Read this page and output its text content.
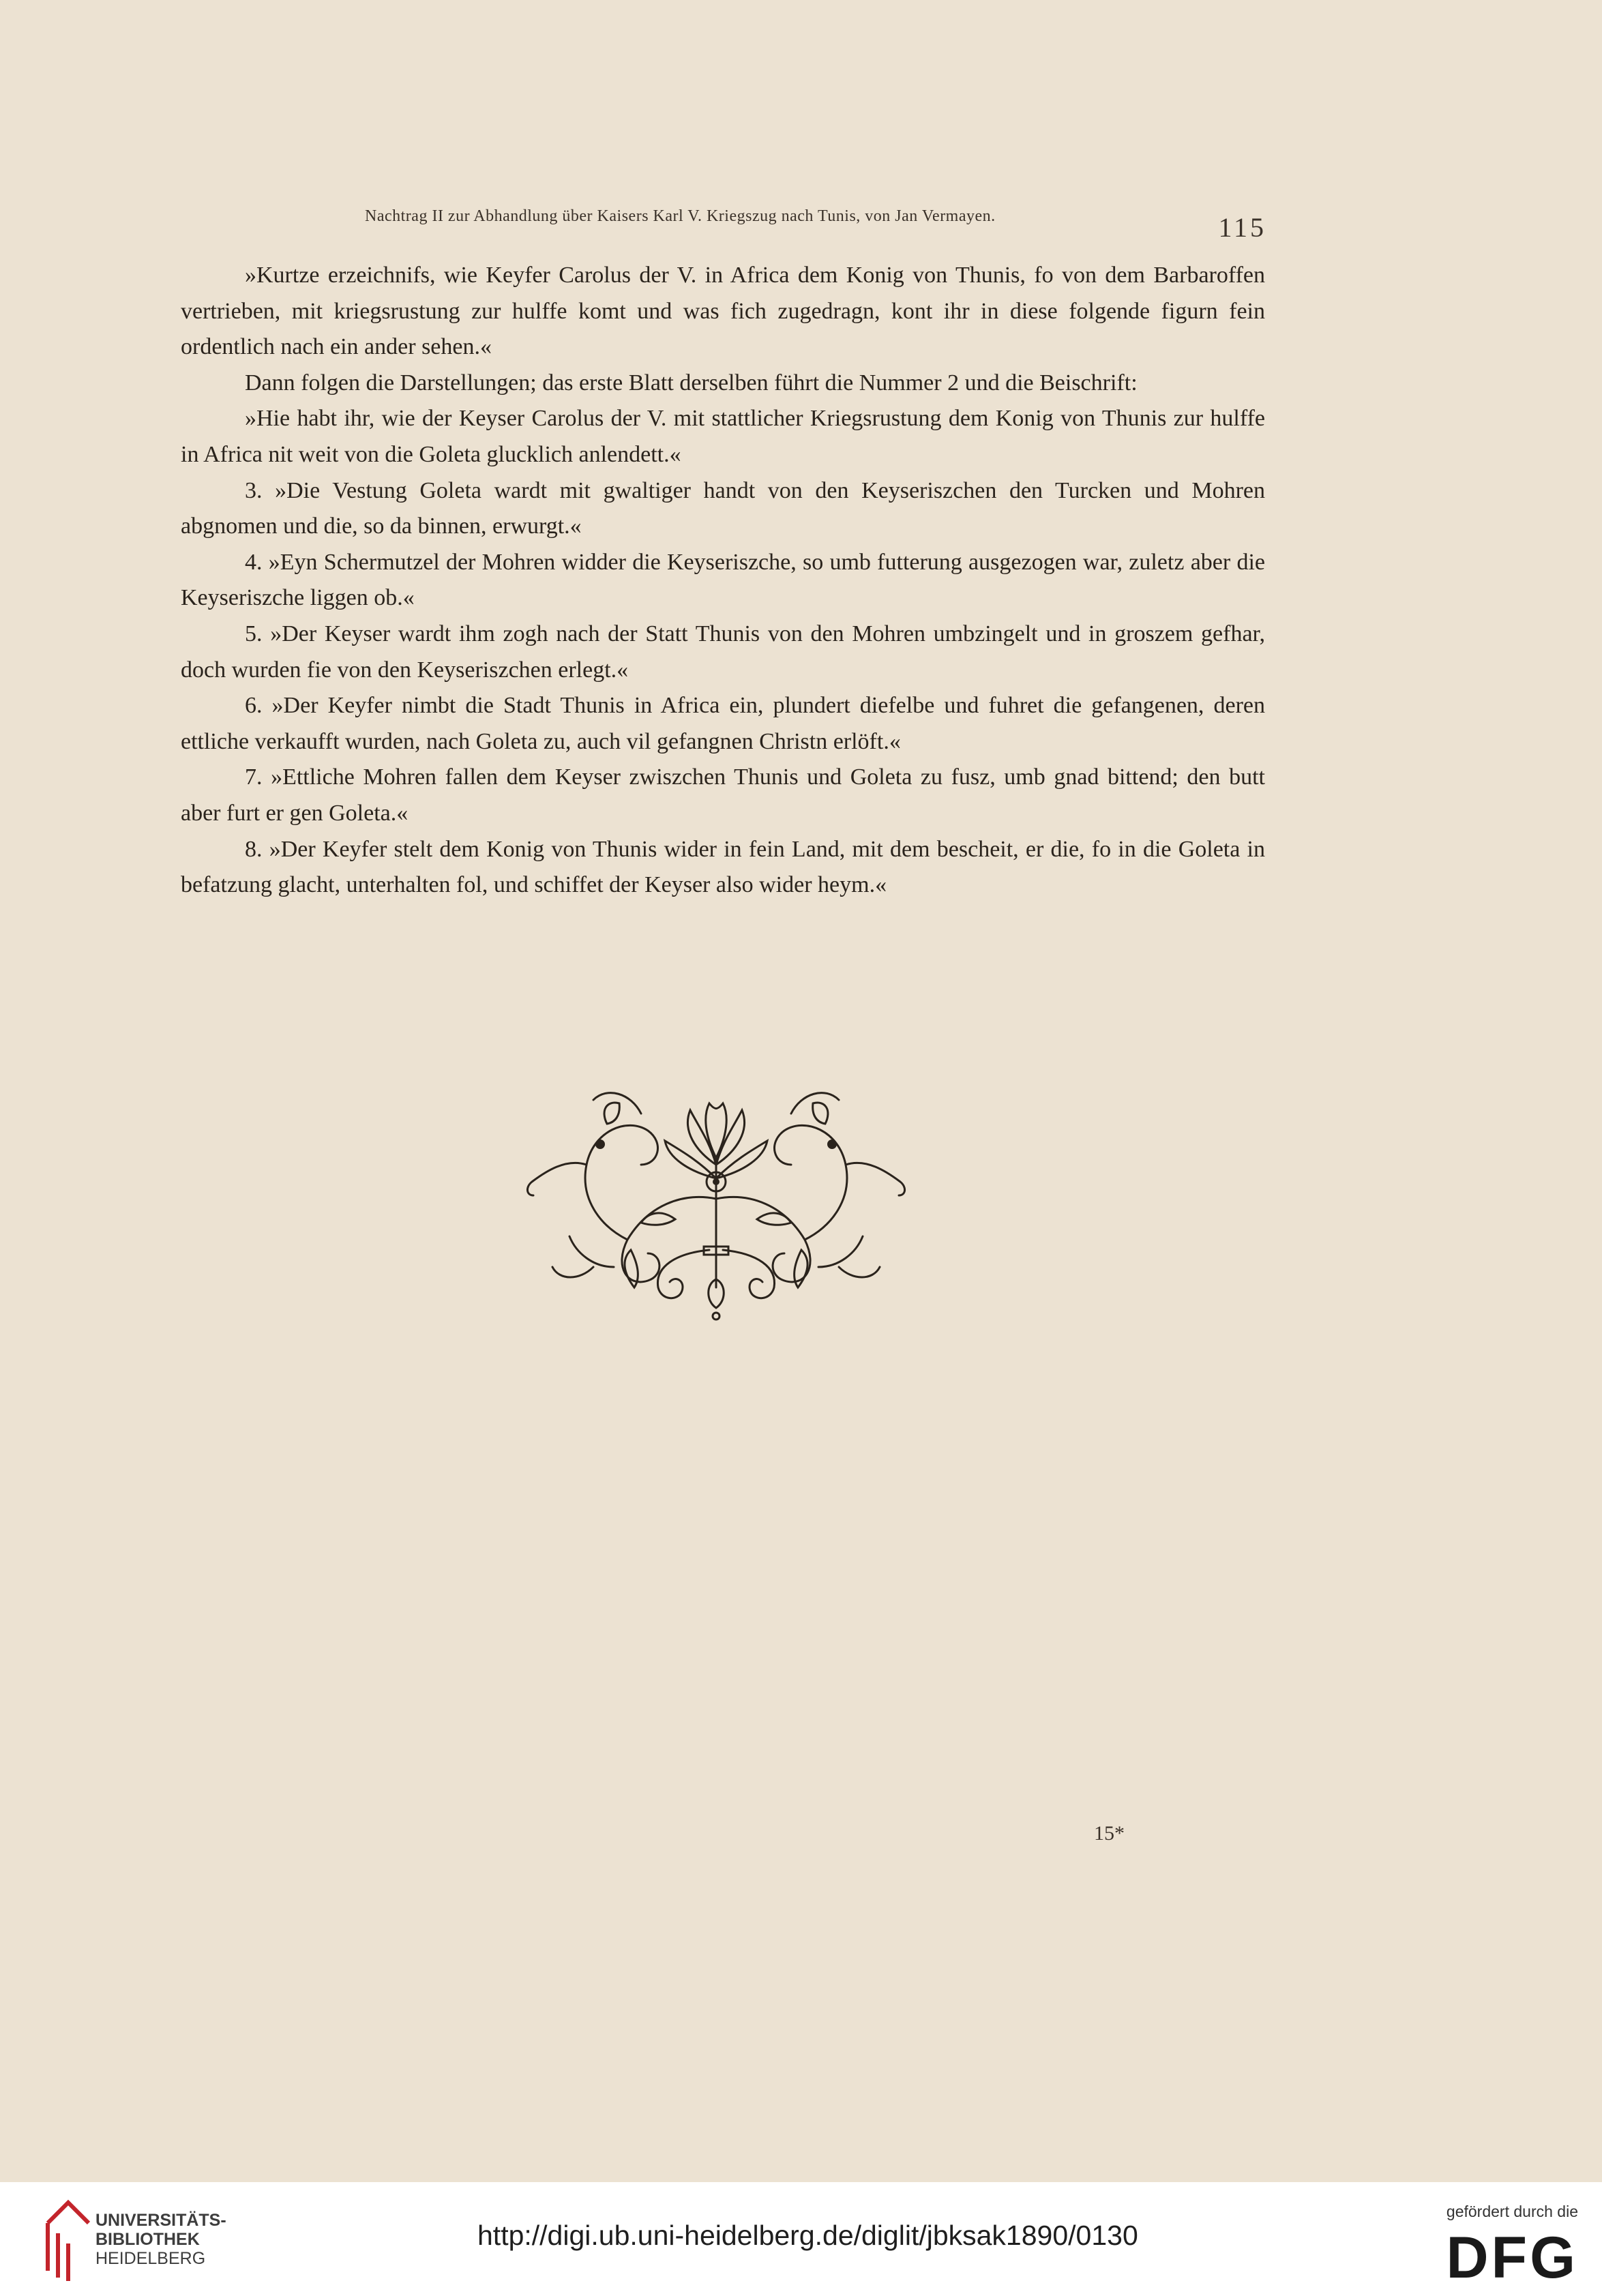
Nachtrag II zur Abhandlung über Kaisers Karl V. Kriegszug nach Tunis, von Jan Vermayen.	115

»Kurtze erzeichnifs, wie Keyfer Carolus der V. in Africa dem Konig von Thunis, fo von dem Barbaroffen vertrieben, mit kriegsrustung zur hulffe komt und was fich zugedragn, kont ihr in diese folgende figurn fein ordentlich nach ein ander sehen.«

Dann folgen die Darstellungen; das erste Blatt derselben führt die Nummer 2 und die Beischrift:

»Hie habt ihr, wie der Keyser Carolus der V. mit stattlicher Kriegsrustung dem Konig von Thunis zur hulffe in Africa nit weit von die Goleta glucklich anlendett.«

3. »Die Vestung Goleta wardt mit gwaltiger handt von den Keyseriszchen den Turcken und Mohren abgnomen und die, so da binnen, erwurgt.«

4. »Eyn Schermutzel der Mohren widder die Keyseriszche, so umb futterung ausgezogen war, zuletz aber die Keyseriszche liggen ob.«

5. »Der Keyser wardt ihm zogh nach der Statt Thunis von den Mohren umbzingelt und in groszem gefhar, doch wurden fie von den Keyseriszchen erlegt.«

6. »Der Keyfer nimbt die Stadt Thunis in Africa ein, plundert diefelbe und fuhret die gefangenen, deren ettliche verkaufft wurden, nach Goleta zu, auch vil gefangnen Christn erlöft.«

7. »Ettliche Mohren fallen dem Keyser zwiszchen Thunis und Goleta zu fusz, umb gnad bittend; den butt aber furt er gen Goleta.«

8. »Der Keyfer stelt dem Konig von Thunis wider in fein Land, mit dem bescheit, er die, fo in die Goleta in befatzung glacht, unterhalten fol, und schiffet der Keyser also wider heym.«

15*
UNIVERSITÄTS-
BIBLIOTHEK
HEIDELBERG
http://digi.ub.uni-heidelberg.de/diglit/jbksak1890/0130
gefördert durch die
DFG
